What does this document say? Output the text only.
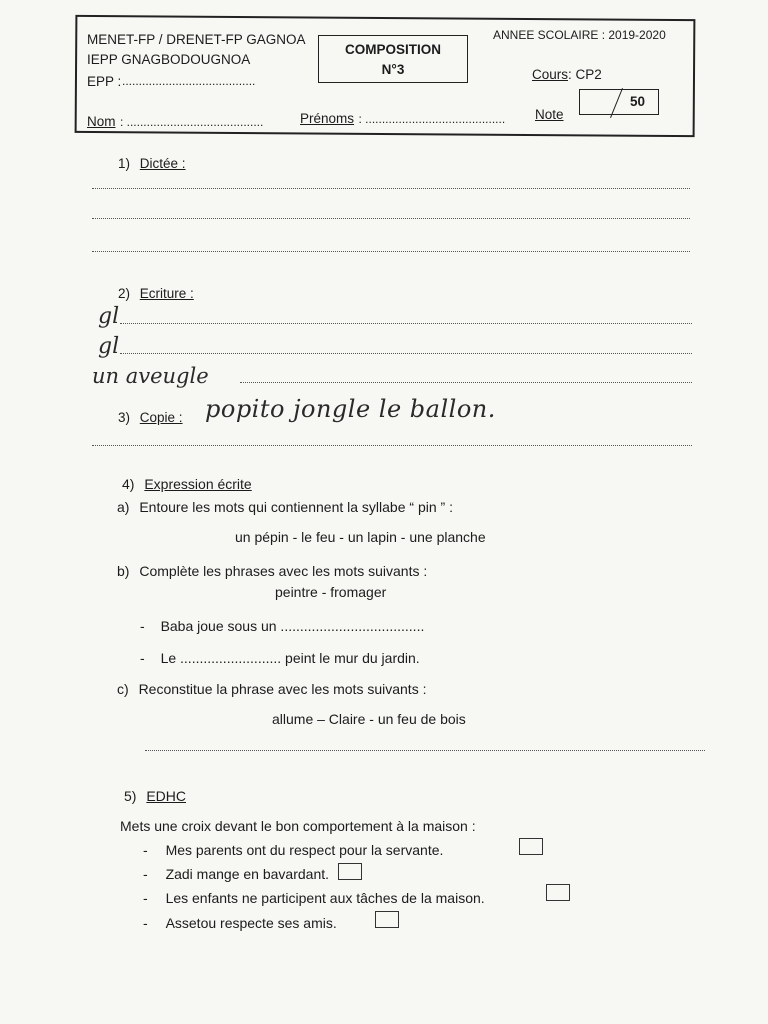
MENET-FP / DRENET-FP GAGNOA
IEPP GNAGBODOUGNOA
EPP : ........................................
COMPOSITION
N°3
ANNEE SCOLAIRE : 2019-2020
Cours: CP2
Nom : .........................................	Prénoms : .......................................... Note
50
1) Dictée :
2) Ecriture :
gl
gl
un aveugle
3) Copie : popito jongle le ballon.
4) Expression écrite
a) Entoure les mots qui contiennent la syllabe “ pin ” :
un pépin - le feu - un lapin - une planche
b) Complète les phrases avec les mots suivants :
peintre - fromager
- Baba joue sous un .....................................
- Le .......................... peint le mur du jardin.
c) Reconstitue la phrase avec les mots suivants :
allume – Claire - un feu de bois
5) EDHC
Mets une croix devant le bon comportement à la maison :
- Mes parents ont du respect pour la servante.
- Zadi mange en bavardant.
- Les enfants ne participent aux tâches de la maison.
- Assetou respecte ses amis.
